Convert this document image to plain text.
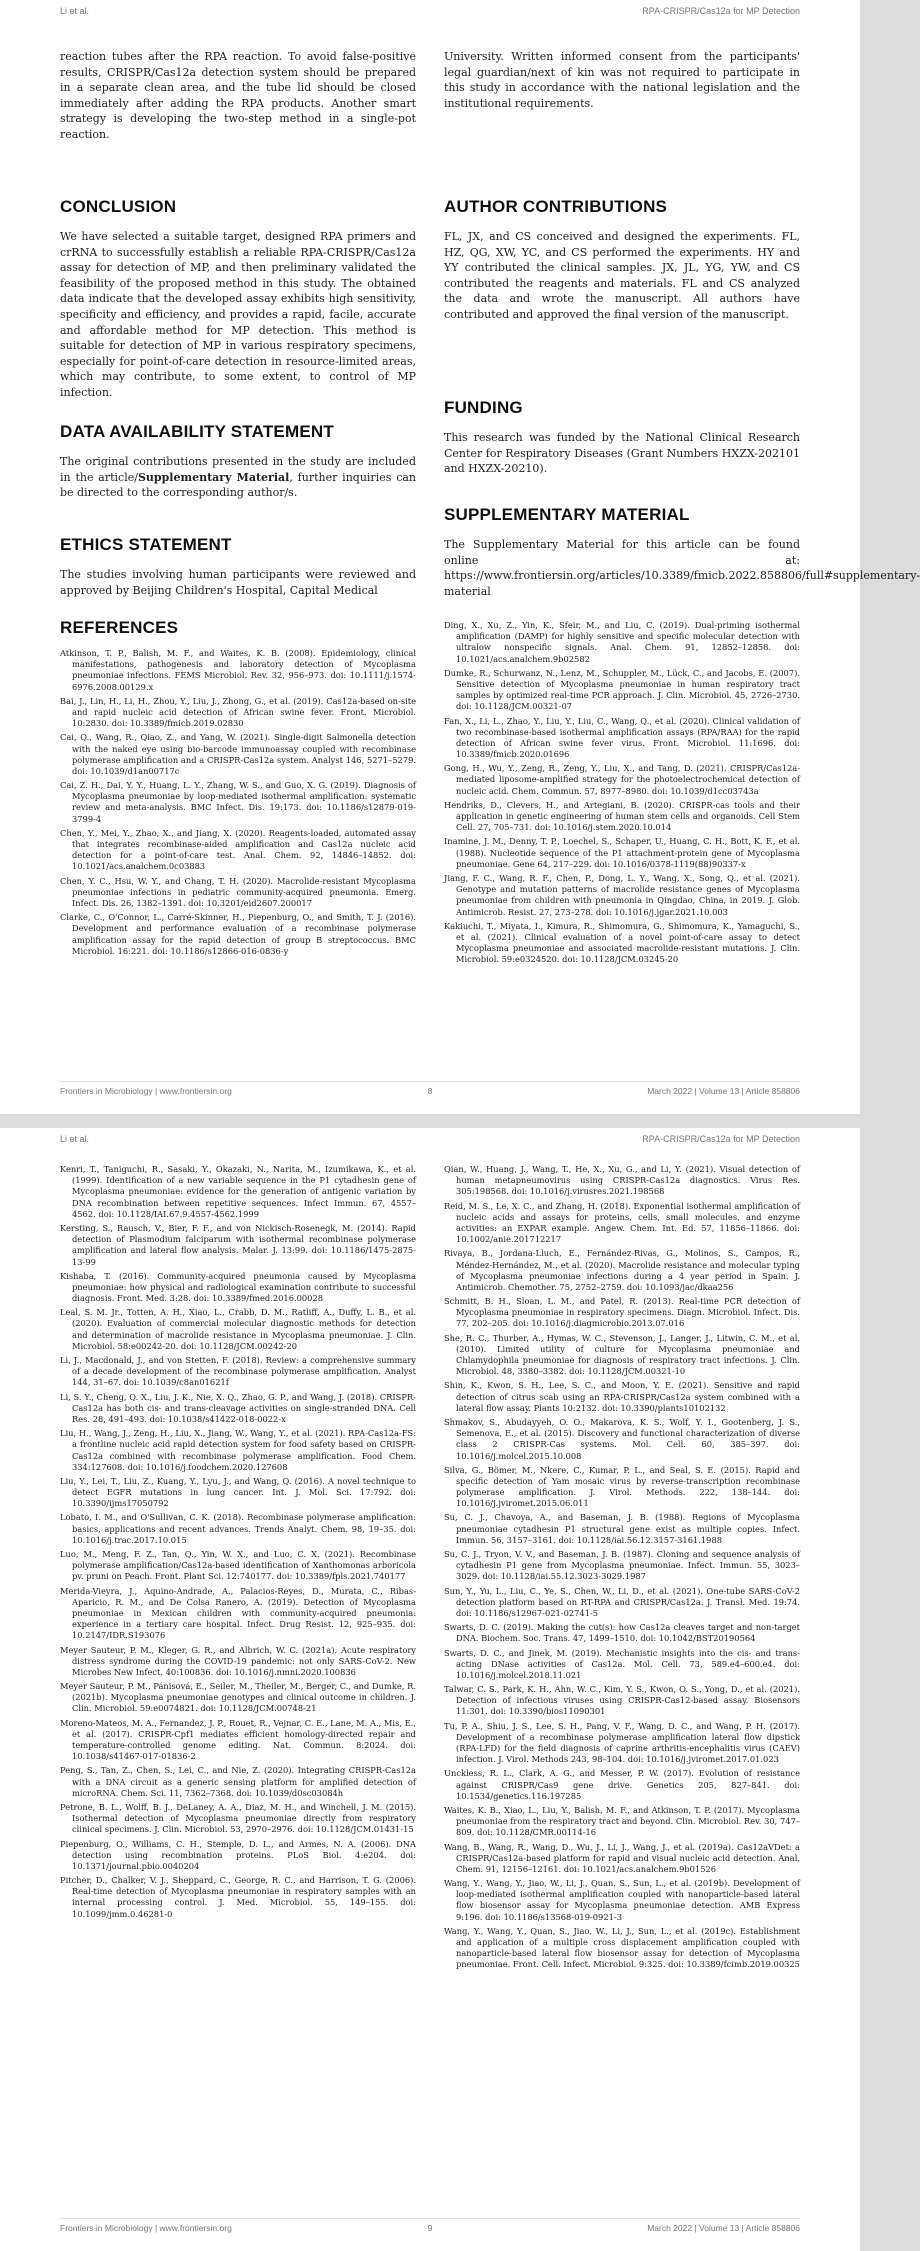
Li et al.	RPA-CRISPR/Cas12a for MP Detection

reaction tubes after the RPA reaction. To avoid false-positive results, CRISPR/Cas12a detection system should be prepared in a separate clean area, and the tube lid should be closed immediately after adding the RPA products. Another smart strategy is developing the two-step method in a single-pot reaction.

CONCLUSION

We have selected a suitable target, designed RPA primers and crRNA to successfully establish a reliable RPA-CRISPR/Cas12a assay for detection of MP, and then preliminary validated the feasibility of the proposed method in this study. The obtained data indicate that the developed assay exhibits high sensitivity, specificity and efficiency, and provides a rapid, facile, accurate and affordable method for MP detection. This method is suitable for detection of MP in various respiratory specimens, especially for point-of-care detection in resource-limited areas, which may contribute, to some extent, to control of MP infection.

DATA AVAILABILITY STATEMENT

The original contributions presented in the study are included in the article/Supplementary Material, further inquiries can be directed to the corresponding author/s.

ETHICS STATEMENT

The studies involving human participants were reviewed and approved by Beijing Children's Hospital, Capital Medical

University. Written informed consent from the participants' legal guardian/next of kin was not required to participate in this study in accordance with the national legislation and the institutional requirements.

AUTHOR CONTRIBUTIONS

FL, JX, and CS conceived and designed the experiments. FL, HZ, QG, XW, YC, and CS performed the experiments. HY and YY contributed the clinical samples. JX, JL, YG, YW, and CS contributed the reagents and materials. FL and CS analyzed the data and wrote the manuscript. All authors have contributed and approved the final version of the manuscript.

FUNDING

This research was funded by the National Clinical Research Center for Respiratory Diseases (Grant Numbers HXZX-202101 and HXZX-20210).

SUPPLEMENTARY MATERIAL

The Supplementary Material for this article can be found online at: https://www.frontiersin.org/articles/10.3389/fmicb.2022.858806/full#supplementary-material

REFERENCES

Atkinson, T. P., Balish, M. F., and Waites, K. B. (2008). Epidemiology, clinical manifestations, pathogenesis and laboratory detection of Mycoplasma pneumoniae infections. FEMS Microbiol. Rev. 32, 956–973. doi: 10.1111/j.1574-6976.2008.00129.x

Bai, J., Lin, H., Li, H., Zhou, Y., Liu, J., Zhong, G., et al. (2019). Cas12a-based on-site and rapid nucleic acid detection of African swine fever. Front. Microbiol. 10:2830. doi: 10.3389/fmicb.2019.02830

Cai, Q., Wang, R., Qiao, Z., and Yang, W. (2021). Single-digit Salmonella detection with the naked eye using bio-barcode immunoassay coupled with recombinase polymerase amplification and a CRISPR-Cas12a system. Analyst 146, 5271–5279. doi: 10.1039/d1an00717c

Cai, Z. H., Dai, Y. Y., Huang, L. Y., Zhang, W. S., and Guo, X. G. (2019). Diagnosis of Mycoplasma pneumoniae by loop-mediated isothermal amplification: systematic review and meta-analysis. BMC Infect. Dis. 19:173. doi: 10.1186/s12879-019-3799-4

Chen, Y., Mei, Y., Zhao, X., and Jiang, X. (2020). Reagents-loaded, automated assay that integrates recombinase-aided amplification and Cas12a nucleic acid detection for a point-of-care test. Anal. Chem. 92, 14846–14852. doi: 10.1021/acs.analchem.0c03883

Chen, Y. C., Hsu, W. Y., and Chang, T. H. (2020). Macrolide-resistant Mycoplasma pneumoniae infections in pediatric community-acquired pneumonia. Emerg. Infect. Dis. 26, 1382–1391. doi: 10.3201/eid2607.200017

Clarke, C., O'Connor, L., Carré-Skinner, H., Piepenburg, O., and Smith, T. J. (2016). Development and performance evaluation of a recombinase polymerase amplification assay for the rapid detection of group B streptococcus. BMC Microbiol. 16:221. doi: 10.1186/s12866-016-0836-y

Ding, X., Xu, Z., Yin, K., Sfeir, M., and Liu, C. (2019). Dual-priming isothermal amplification (DAMP) for highly sensitive and specific molecular detection with ultralow nonspecific signals. Anal. Chem. 91, 12852–12858. doi: 10.1021/acs.analchem.9b02582

Dumke, R., Schurwanz, N., Lenz, M., Schuppler, M., Lück, C., and Jacobs, E. (2007). Sensitive detection of Mycoplasma pneumoniae in human respiratory tract samples by optimized real-time PCR approach. J. Clin. Microbiol. 45, 2726–2730. doi: 10.1128/JCM.00321-07

Fan, X., Li, L., Zhao, Y., Liu, Y., Liu, C., Wang, Q., et al. (2020). Clinical validation of two recombinase-based isothermal amplification assays (RPA/RAA) for the rapid detection of African swine fever virus. Front. Microbiol. 11:1696. doi: 10.3389/fmicb.2020.01696

Gong, H., Wu, Y., Zeng, R., Zeng, Y., Liu, X., and Tang, D. (2021). CRISPR/Cas12a-mediated liposome-amplified strategy for the photoelectrochemical detection of nucleic acid. Chem. Commun. 57, 8977–8980. doi: 10.1039/d1cc03743a

Hendriks, D., Clevers, H., and Artegiani, B. (2020). CRISPR-cas tools and their application in genetic engineering of human stem cells and organoids. Cell Stem Cell. 27, 705–731. doi: 10.1016/j.stem.2020.10.014

Inamine, J. M., Denny, T. P., Loechel, S., Schaper, U., Huang, C. H., Bott, K. F., et al. (1988). Nucleotide sequence of the P1 attachment-protein gene of Mycoplasma pneumoniae. Gene 64, 217–229. doi: 10.1016/0378-1119(88)90337-x

Jiang, F. C., Wang, R. F., Chen, P., Dong, L. Y., Wang, X., Song, Q., et al. (2021). Genotype and mutation patterns of macrolide resistance genes of Mycoplasma pneumoniae from children with pneumonia in Qingdao, China, in 2019. J. Glob. Antimicrob. Resist. 27, 273–278. doi: 10.1016/j.jgar.2021.10.003

Kakiuchi, T., Miyata, I., Kimura, R., Shimomura, G., Shimomura, K., Yamaguchi, S., et al. (2021). Clinical evaluation of a novel point-of-care assay to detect Mycoplasma pneumoniae and associated macrolide-resistant mutations. J. Clin. Microbiol. 59:e0324520. doi: 10.1128/JCM.03245-20

Frontiers in Microbiology | www.frontiersin.org	8	March 2022 | Volume 13 | Article 858806
Li et al.	RPA-CRISPR/Cas12a for MP Detection

Kenri, T., Taniguchi, R., Sasaki, Y., Okazaki, N., Narita, M., Izumikawa, K., et al. (1999). Identification of a new variable sequence in the P1 cytadhesin gene of Mycoplasma pneumoniae: evidence for the generation of antigenic variation by DNA recombination between repetitive sequences. Infect Immun. 67, 4557–4562. doi: 10.1128/IAI.67.9.4557-4562.1999

Kersting, S., Rausch, V., Bier, F. F., and von Nickisch-Rosenegk, M. (2014). Rapid detection of Plasmodium falciparum with isothermal recombinase polymerase amplification and lateral flow analysis. Malar. J. 13:99. doi: 10.1186/1475-2875-13-99

Kishaba, T. (2016). Community-acquired pneumonia caused by Mycoplasma pneumoniae: how physical and radiological examination contribute to successful diagnosis. Front. Med. 3:28. doi: 10.3389/fmed.2016.00028

Leal, S. M. Jr., Totten, A. H., Xiao, L., Crabb, D. M., Ratliff, A., Duffy, L. B., et al. (2020). Evaluation of commercial molecular diagnostic methods for detection and determination of macrolide resistance in Mycoplasma pneumoniae. J. Clin. Microbiol. 58:e00242-20. doi: 10.1128/JCM.00242-20

Li, J., Macdonald, J., and von Stetten, F. (2018). Review: a comprehensive summary of a decade development of the recombinase polymerase amplification. Analyst 144, 31–67. doi: 10.1039/c8an01621f

Li, S. Y., Cheng, Q. X., Liu, J. K., Nie, X. Q., Zhao, G. P., and Wang, J. (2018). CRISPR-Cas12a has both cis- and trans-cleavage activities on single-stranded DNA. Cell Res. 28, 491–493. doi: 10.1038/s41422-018-0022-x

Liu, H., Wang, J., Zeng, H., Liu, X., Jiang, W., Wang, Y., et al. (2021). RPA-Cas12a-FS: a frontline nucleic acid rapid detection system for food safety based on CRISPR-Cas12a combined with recombinase polymerase amplification. Food Chem. 334:127608. doi: 10.1016/j.foodchem.2020.127608

Liu, Y., Lei, T., Liu, Z., Kuang, Y., Lyu, J., and Wang, Q. (2016). A novel technique to detect EGFR mutations in lung cancer. Int. J. Mol. Sci. 17:792. doi: 10.3390/ijms17050792

Lobato, I. M., and O'Sullivan, C. K. (2018). Recombinase polymerase amplification: basics, applications and recent advances. Trends Analyt. Chem. 98, 19–35. doi: 10.1016/j.trac.2017.10.015

Luo, M., Meng, F. Z., Tan, Q., Yin, W. X., and Luo, C. X. (2021). Recombinase polymerase amplification/Cas12a-based identification of Xanthomonas arboricola pv. pruni on Peach. Front. Plant Sci. 12:740177. doi: 10.3389/fpls.2021.740177

Merida-Vieyra, J., Aquino-Andrade, A., Palacios-Reyes, D., Murata, C., Ribas-Aparicio, R. M., and De Colsa Ranero, A. (2019). Detection of Mycoplasma pneumoniae in Mexican children with community-acquired pneumonia: experience in a tertiary care hospital. Infect. Drug Resist. 12, 925–935. doi: 10.2147/IDR.S193076

Meyer Sauteur, P. M., Kleger, G. R., and Albrich, W. C. (2021a). Acute respiratory distress syndrome during the COVID-19 pandemic: not only SARS-CoV-2. New Microbes New Infect. 40:100836. doi: 10.1016/j.nmni.2020.100836

Meyer Sauteur, P. M., Pánisová, E., Seiler, M., Theiler, M., Berger, C., and Dumke, R. (2021b). Mycoplasma pneumoniae genotypes and clinical outcome in children. J. Clin. Microbiol. 59:e0074821. doi: 10.1128/JCM.00748-21

Moreno-Mateos, M. A., Fernandez, J. P., Rouet, R., Vejnar, C. E., Lane, M. A., Mis, E., et al. (2017). CRISPR-Cpf1 mediates efficient homology-directed repair and temperature-controlled genome editing. Nat. Commun. 8:2024. doi: 10.1038/s41467-017-01836-2

Peng, S., Tan, Z., Chen, S., Lei, C., and Nie, Z. (2020). Integrating CRISPR-Cas12a with a DNA circuit as a generic sensing platform for amplified detection of microRNA. Chem. Sci. 11, 7362–7368. doi: 10.1039/d0sc03084h

Petrone, B. L., Wolff, B. J., DeLaney, A. A., Diaz, M. H., and Winchell, J. M. (2015). Isothermal detection of Mycoplasma pneumoniae directly from respiratory clinical specimens. J. Clin. Microbiol. 53, 2970–2976. doi: 10.1128/JCM.01431-15

Piepenburg, O., Williams, C. H., Stemple, D. L., and Armes, N. A. (2006). DNA detection using recombination proteins. PLoS Biol. 4:e204. doi: 10.1371/journal.pbio.0040204

Pitcher, D., Chalker, V. J., Sheppard, C., George, R. C., and Harrison, T. G. (2006). Real-time detection of Mycoplasma pneumoniae in respiratory samples with an internal processing control. J. Med. Microbiol. 55, 149–155. doi: 10.1099/jmm.0.46281-0

Qian, W., Huang, J., Wang, T., He, X., Xu, G., and Li, Y. (2021). Visual detection of human metapneumovirus using CRISPR-Cas12a diagnostics. Virus Res. 305:198568. doi: 10.1016/j.virusres.2021.198568

Reid, M. S., Le, X. C., and Zhang, H. (2018). Exponential isothermal amplification of nucleic acids and assays for proteins, cells, small molecules, and enzyme activities: an EXPAR example. Angew. Chem. Int. Ed. 57, 11856–11866. doi: 10.1002/anie.201712217

Rivaya, B., Jordana-Lluch, E., Fernández-Rivas, G., Molinos, S., Campos, R., Méndez-Hernández, M., et al. (2020). Macrolide resistance and molecular typing of Mycoplasma pneumoniae infections during a 4 year period in Spain. J. Antimicrob. Chemother. 75, 2752–2759. doi: 10.1093/jac/dkaa256

Schmitt, B. H., Sloan, L. M., and Patel, R. (2013). Real-time PCR detection of Mycoplasma pneumoniae in respiratory specimens. Diagn. Microbiol. Infect. Dis. 77, 202–205. doi: 10.1016/j.diagmicrobio.2013.07.016

She, R. C., Thurber, A., Hymas, W. C., Stevenson, J., Langer, J., Litwin, C. M., et al. (2010). Limited utility of culture for Mycoplasma pneumoniae and Chlamydophila pneumoniae for diagnosis of respiratory tract infections. J. Clin. Microbiol. 48, 3380–3382. doi: 10.1128/JCM.00321-10

Shin, K., Kwon, S. H., Lee, S. C., and Moon, Y. E. (2021). Sensitive and rapid detection of citrus scab using an RPA-CRISPR/Cas12a system combined with a lateral flow assay. Plants 10:2132. doi: 10.3390/plants10102132

Shmakov, S., Abudayyeh, O. O., Makarova, K. S., Wolf, Y. I., Gootenberg, J. S., Semenova, E., et al. (2015). Discovery and functional characterization of diverse class 2 CRISPR-Cas systems. Mol. Cell. 60, 385–397. doi: 10.1016/j.molcel.2015.10.008

Silva, G., Bömer, M., Nkere, C., Kumar, P. L., and Seal, S. E. (2015). Rapid and specific detection of Yam mosaic virus by reverse-transcription recombinase polymerase amplification. J. Virol. Methods. 222, 138–144. doi: 10.1016/j.jviromet.2015.06.011

Su, C. J., Chavoya, A., and Baseman, J. B. (1988). Regions of Mycoplasma pneumoniae cytadhesin P1 structural gene exist as multiple copies. Infect. Immun. 56, 3157–3161. doi: 10.1128/iai.56.12.3157-3161.1988

Su, C. J., Tryon, V. V., and Baseman, J. B. (1987). Cloning and sequence analysis of cytadhesin P1 gene from Mycoplasma pneumoniae. Infect. Immun. 55, 3023–3029. doi: 10.1128/iai.55.12.3023-3029.1987

Sun, Y., Yu, L., Liu, C., Ye, S., Chen, W., Li, D., et al. (2021). One-tube SARS-CoV-2 detection platform based on RT-RPA and CRISPR/Cas12a. J. Transl. Med. 19:74. doi: 10.1186/s12967-021-02741-5

Swarts, D. C. (2019). Making the cut(s): how Cas12a cleaves target and non-target DNA. Biochem. Soc. Trans. 47, 1499–1510. doi: 10.1042/BST20190564

Swarts, D. C., and Jinek, M. (2019). Mechanistic insights into the cis- and trans-acting DNase activities of Cas12a. Mol. Cell. 73, 589.e4–600.e4. doi: 10.1016/j.molcel.2018.11.021

Talwar, C. S., Park, K. H., Ahn, W. C., Kim, Y. S., Kwon, O. S., Yong, D., et al. (2021). Detection of infectious viruses using CRISPR-Cas12-based assay. Biosensors 11:301. doi: 10.3390/bios11090301

Tu, P. A., Shiu, J. S., Lee, S. H., Pang, V. F., Wang, D. C., and Wang, P. H. (2017). Development of a recombinase polymerase amplification lateral flow dipstick (RPA-LFD) for the field diagnosis of caprine arthritis-encephalitis virus (CAEV) infection. J. Virol. Methods 243, 98–104. doi: 10.1016/j.jviromet.2017.01.023

Unckless, R. L., Clark, A. G., and Messer, P. W. (2017). Evolution of resistance against CRISPR/Cas9 gene drive. Genetics 205, 827–841. doi: 10.1534/genetics.116.197285

Waites, K. B., Xiao, L., Liu, Y., Balish, M. F., and Atkinson, T. P. (2017). Mycoplasma pneumoniae from the respiratory tract and beyond. Clin. Microbiol. Rev. 30, 747–809. doi: 10.1128/CMR.00114-16

Wang, B., Wang, R., Wang, D., Wu, J., Li, J., Wang, J., et al. (2019a). Cas12aVDet: a CRISPR/Cas12a-based platform for rapid and visual nucleic acid detection. Anal. Chem. 91, 12156–12161. doi: 10.1021/acs.analchem.9b01526

Wang, Y., Wang, Y., Jiao, W., Li, J., Quan, S., Sun, L., et al. (2019b). Development of loop-mediated isothermal amplification coupled with nanoparticle-based lateral flow biosensor assay for Mycoplasma pneumoniae detection. AMB Express 9:196. doi: 10.1186/s13568-019-0921-3

Wang, Y., Wang, Y., Quan, S., Jiao, W., Li, J., Sun, L., et al. (2019c). Establishment and application of a multiple cross displacement amplification coupled with nanoparticle-based lateral flow biosensor assay for detection of Mycoplasma pneumoniae. Front. Cell. Infect. Microbiol. 9:325. doi: 10.3389/fcimb.2019.00325

Frontiers in Microbiology | www.frontiersin.org	9	March 2022 | Volume 13 | Article 858806
